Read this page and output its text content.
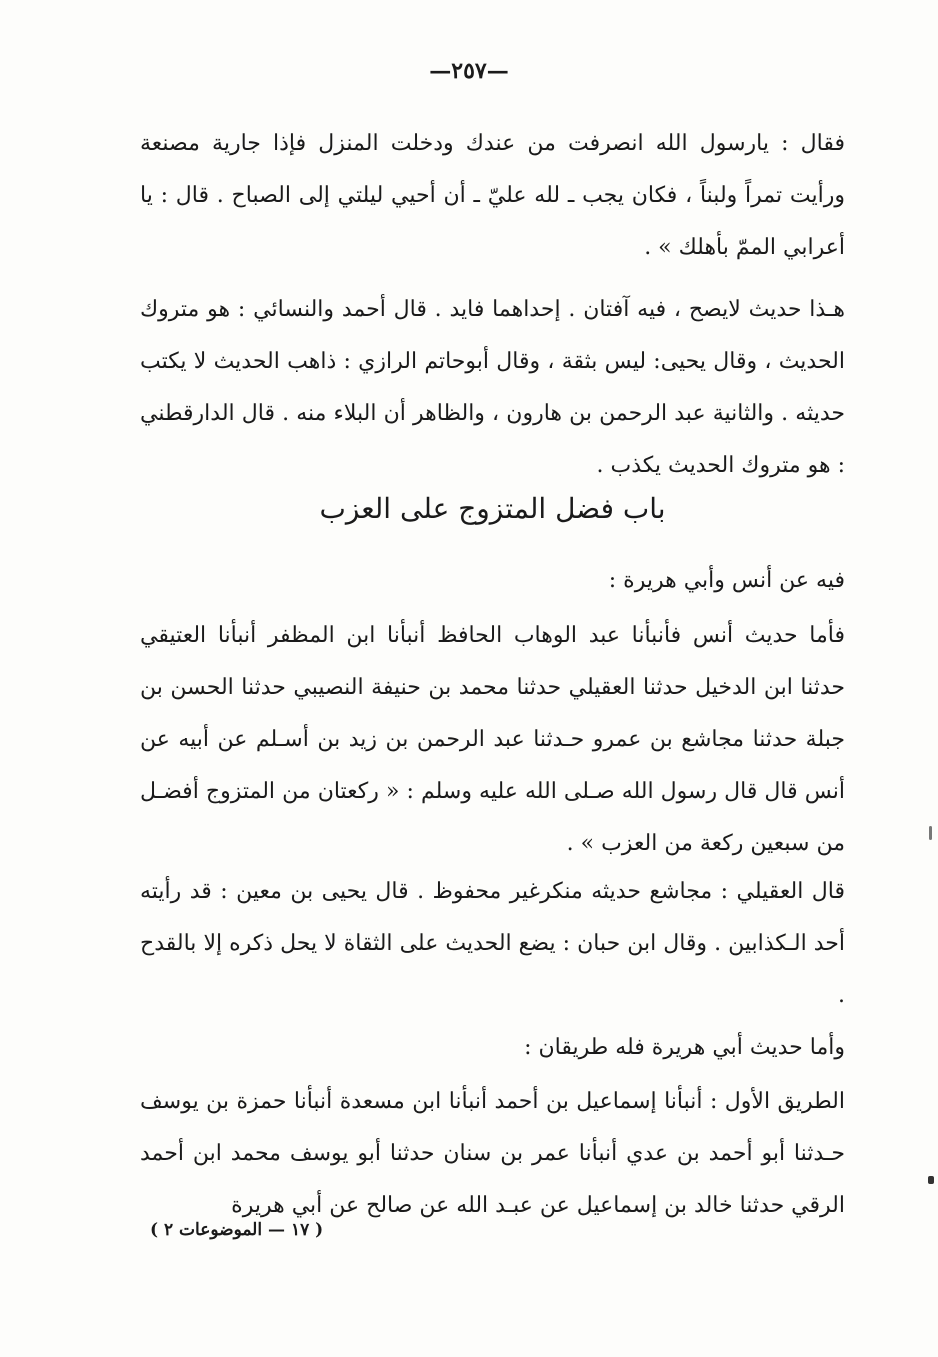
—٢٥٧—

فقال : يارسول الله انصرفت من عندك ودخلت المنزل فإذا جارية مصنعة ورأيت تمراً ولبناً ، فكان يجب ـ لله عليّ ـ أن أحيي ليلتي إلى الصباح . قال : يا أعرابي الممّ بأهلك » .

هـذا حديث لايصح ، فيه آفتان . إحداهما فايد . قال أحمد والنسائي : هو متروك الحديث ، وقال يحيى: ليس بثقة ، وقال أبوحاتم الرازي : ذاهب الحديث لا يكتب حديثه . والثانية عبد الرحمن بن هارون ، والظاهر أن البلاء منه . قال الدارقطني : هو متروك الحديث يكذب .

باب فضل المتزوج على العزب

فيه عن أنس وأبي هريرة :

فأما حديث أنس فأنبأنا عبد الوهاب الحافظ أنبأنا ابن المظفر أنبأنا العتيقي حدثنا ابن الدخيل حدثنا العقيلي حدثنا محمد بن حنيفة النصيبي حدثنا الحسن بن جبلة حدثنا مجاشع بن عمرو حـدثنا عبد الرحمن بن زيد بن أسـلم عن أبيه عن أنس قال قال رسول الله صـلى الله عليه وسلم : « ركعتان من المتزوج أفضـل من سبعين ركعة من العزب » .

قال العقيلي : مجاشع حديثه منكرغير محفوظ . قال يحيى بن معين : قد رأيته أحد الـكذابين . وقال ابن حبان : يضع الحديث على الثقاة لا يحل ذكره إلا بالقدح .

وأما حديث أبي هريرة فله طريقان :

الطريق الأول : أنبأنا إسماعيل بن أحمد أنبأنا ابن مسعدة أنبأنا حمزة بن يوسف حـدثنا أبو أحمد بن عدي أنبأنا عمر بن سنان حدثنا أبو يوسف محمد ابن أحمد الرقي حدثنا خالد بن إسماعيل عن عبـد الله عن صالح عن أبي هريرة

( ١٧ — الموضوعات ٢ )
